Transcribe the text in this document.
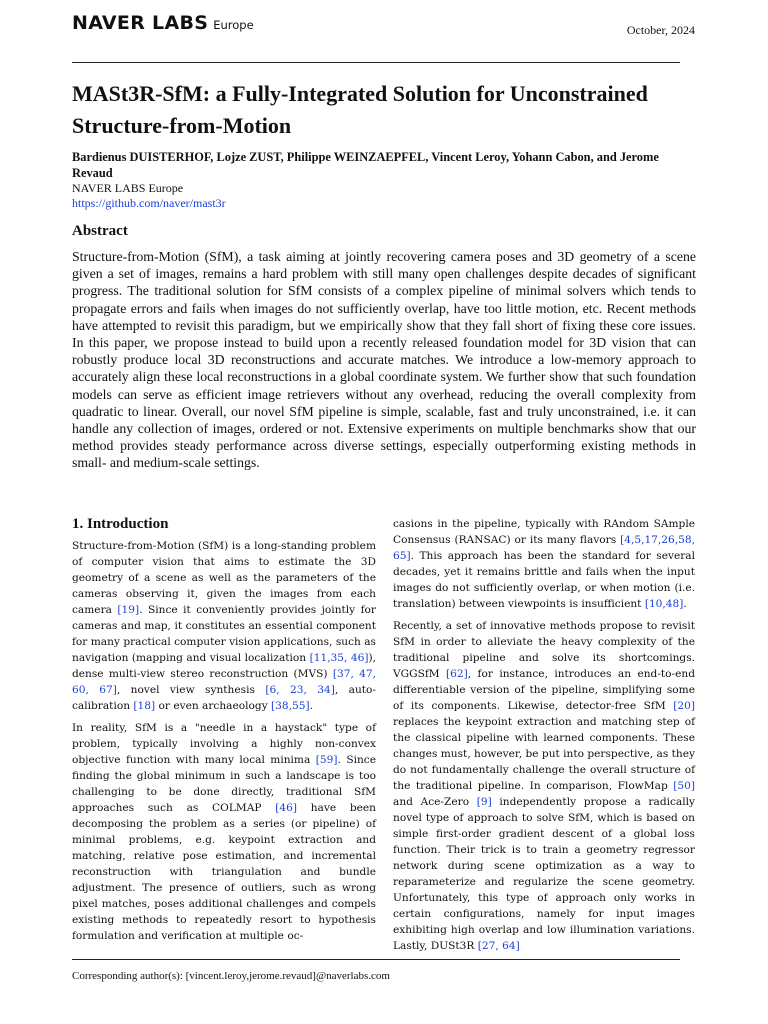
NAVER LABS Europe	October, 2024
MASt3R-SfM: a Fully-Integrated Solution for Unconstrained Structure-from-Motion
Bardienus DUISTERHOF, Lojze ZUST, Philippe WEINZAEPFEL, Vincent Leroy, Yohann Cabon, and Jerome Revaud
NAVER LABS Europe
https://github.com/naver/mast3r
Abstract

Structure-from-Motion (SfM), a task aiming at jointly recovering camera poses and 3D geometry of a scene given a set of images, remains a hard problem with still many open challenges despite decades of significant progress. The traditional solution for SfM consists of a complex pipeline of minimal solvers which tends to propagate errors and fails when images do not sufficiently overlap, have too little motion, etc. Recent methods have attempted to revisit this paradigm, but we empirically show that they fall short of fixing these core issues. In this paper, we propose instead to build upon a recently released foundation model for 3D vision that can robustly produce local 3D reconstructions and accurate matches. We introduce a low-memory approach to accurately align these local reconstructions in a global coordinate system. We further show that such foundation models can serve as efficient image retrievers without any overhead, reducing the overall complexity from quadratic to linear. Overall, our novel SfM pipeline is simple, scalable, fast and truly unconstrained, i.e. it can handle any collection of images, ordered or not. Extensive experiments on multiple benchmarks show that our method provides steady performance across diverse settings, especially outperforming existing methods in small- and medium-scale settings.

1. Introduction

Structure-from-Motion (SfM) is a long-standing problem of computer vision that aims to estimate the 3D geometry of a scene as well as the parameters of the cameras observing it, given the images from each camera [19]. Since it conveniently provides jointly for cameras and map, it constitutes an essential component for many practical computer vision applications, such as navigation (mapping and visual localization [11,35, 46]), dense multi-view stereo reconstruction (MVS) [37, 47, 60, 67], novel view synthesis [6, 23, 34], auto-calibration [18] or even archaeology [38,55].

In reality, SfM is a "needle in a haystack" type of problem, typically involving a highly non-convex objective function with many local minima [59]. Since finding the global minimum in such a landscape is too challenging to be done directly, traditional SfM approaches such as COLMAP [46] have been decomposing the problem as a series (or pipeline) of minimal problems, e.g. keypoint extraction and matching, relative pose estimation, and incremental reconstruction with triangulation and bundle adjustment. The presence of outliers, such as wrong pixel matches, poses additional challenges and compels existing methods to repeatedly resort to hypothesis formulation and verification at multiple oc-

casions in the pipeline, typically with RAndom SAmple Consensus (RANSAC) or its many flavors [4,5,17,26,58, 65]. This approach has been the standard for several decades, yet it remains brittle and fails when the input images do not sufficiently overlap, or when motion (i.e. translation) between viewpoints is insufficient [10,48].

Recently, a set of innovative methods propose to revisit SfM in order to alleviate the heavy complexity of the traditional pipeline and solve its shortcomings. VGGSfM [62], for instance, introduces an end-to-end differentiable version of the pipeline, simplifying some of its components. Likewise, detector-free SfM [20] replaces the keypoint extraction and matching step of the classical pipeline with learned components. These changes must, however, be put into perspective, as they do not fundamentally challenge the overall structure of the traditional pipeline. In comparison, FlowMap [50] and Ace-Zero [9] independently propose a radically novel type of approach to solve SfM, which is based on simple first-order gradient descent of a global loss function. Their trick is to train a geometry regressor network during scene optimization as a way to reparameterize and regularize the scene geometry. Unfortunately, this type of approach only works in certain configurations, namely for input images exhibiting high overlap and low illumination variations. Lastly, DUSt3R [27, 64]

Corresponding author(s): [vincent.leroy,jerome.revaud]@naverlabs.com
